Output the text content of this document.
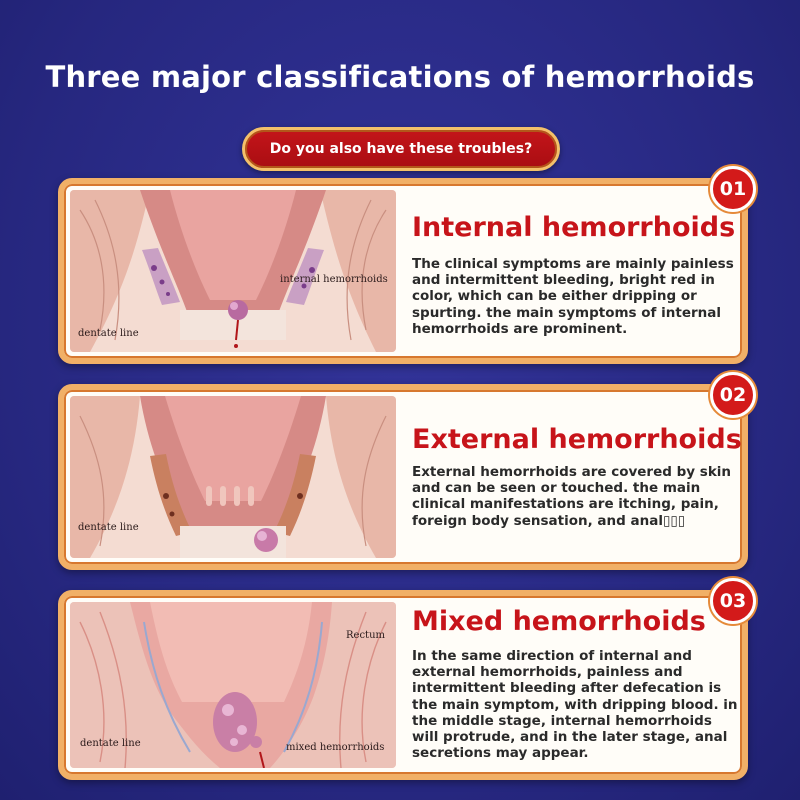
Three major classifications of hemorrhoids
Do you also have these troubles?
internal hemorrhoids
dentate line
Internal hemorrhoids
The clinical symptoms are mainly painless and intermittent bleeding, bright red in color, which can be either dripping or spurting. the main symptoms of internal hemorrhoids are prominent.
01
dentate line
External hemorrhoids
External hemorrhoids are covered by skin and can be seen or touched. the main clinical manifestations are itching, pain, foreign body sensation, and anal▯▯▯
02
Rectum
dentate line	mixed hemorrhoids
Mixed hemorrhoids
In the same direction of internal and external hemorrhoids, painless and intermittent bleeding after defecation is the main symptom, with dripping blood. in the middle stage, internal hemorrhoids will protrude, and in the later stage, anal secretions may appear.
03
